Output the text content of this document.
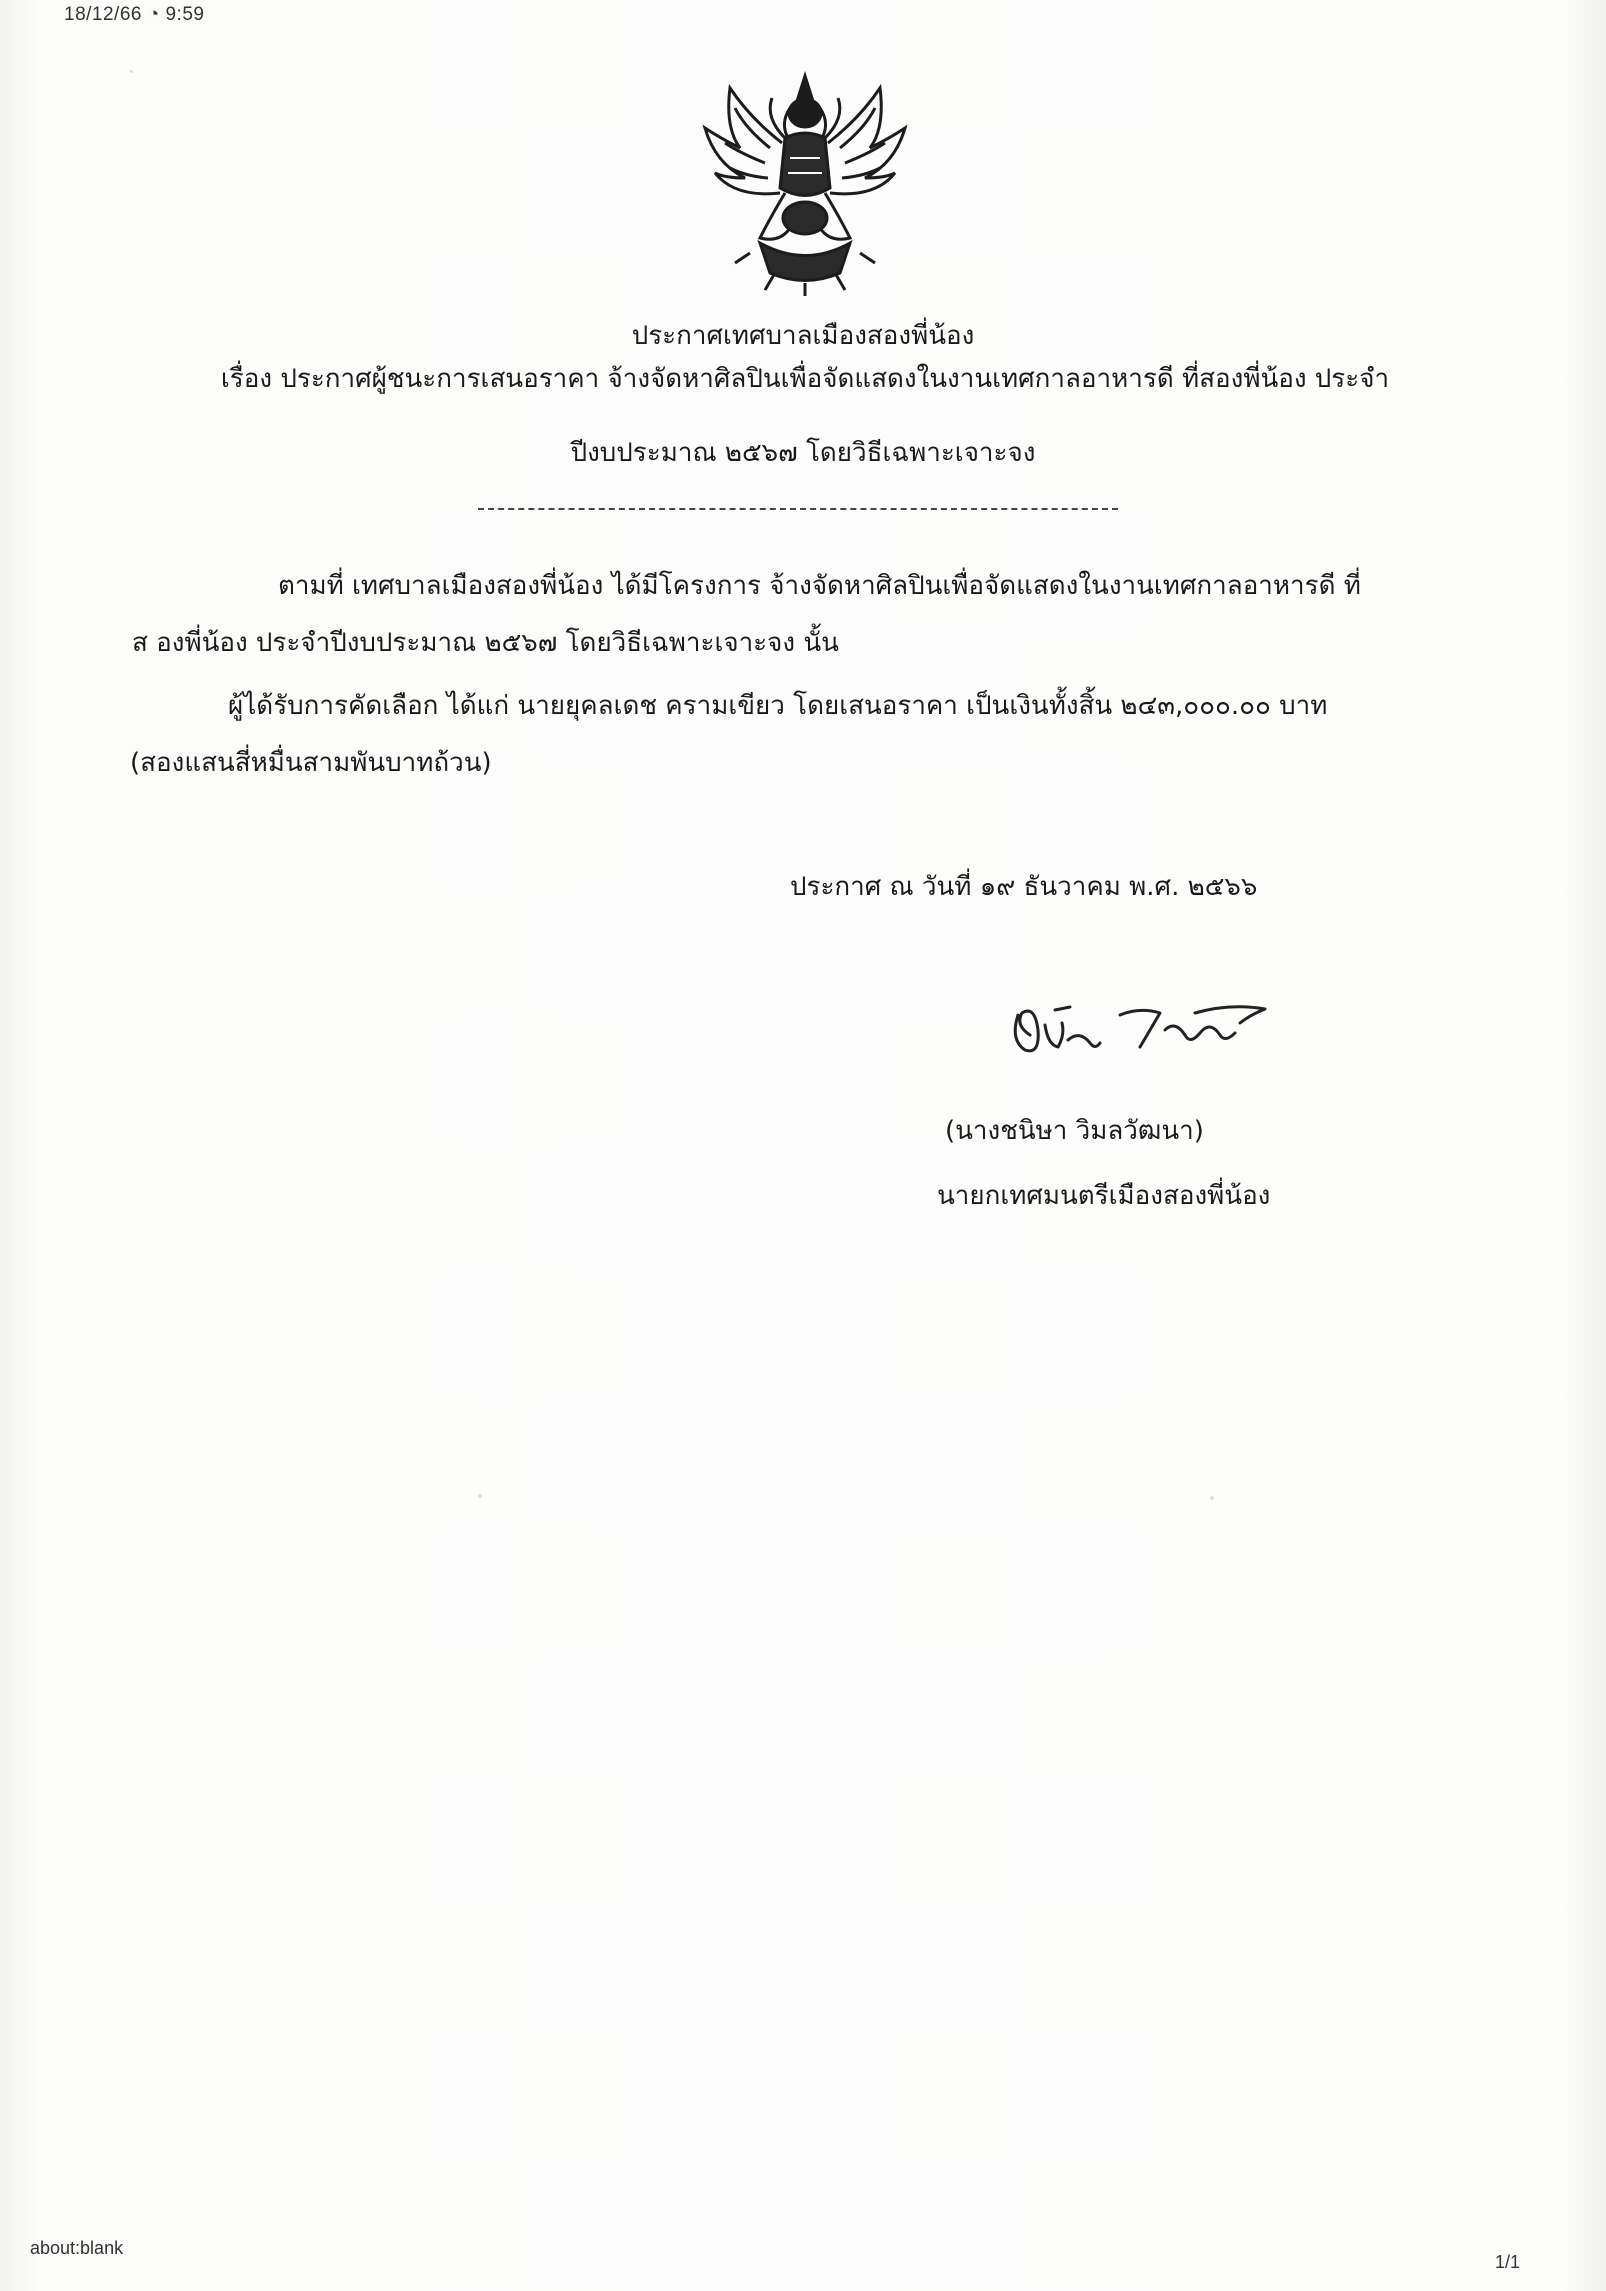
18/12/66 ◔ 9:59
ประกาศเทศบาลเมืองสองพี่น้อง
เรื่อง ประกาศผู้ชนะการเสนอราคา จ้างจัดหาศิลปินเพื่อจัดแสดงในงานเทศกาลอาหารดี ที่สองพี่น้อง ประจำ
ปีงบประมาณ ๒๕๖๗ โดยวิธีเฉพาะเจาะจง
ตามที่ เทศบาลเมืองสองพี่น้อง ได้มีโครงการ จ้างจัดหาศิลปินเพื่อจัดแสดงในงานเทศกาลอาหารดี ที่
ส องพี่น้อง ประจำปีงบประมาณ ๒๕๖๗ โดยวิธีเฉพาะเจาะจง นั้น
ผู้ได้รับการคัดเลือก ได้แก่ นายยุคลเดช ครามเขียว โดยเสนอราคา เป็นเงินทั้งสิ้น ๒๔๓,๐๐๐.๐๐ บาท
(สองแสนสี่หมื่นสามพันบาทถ้วน)
ประกาศ ณ วันที่ ๑๙ ธันวาคม พ.ศ. ๒๕๖๖
(นางชนิษา วิมลวัฒนา)
นายกเทศมนตรีเมืองสองพี่น้อง
about:blank
1/1
